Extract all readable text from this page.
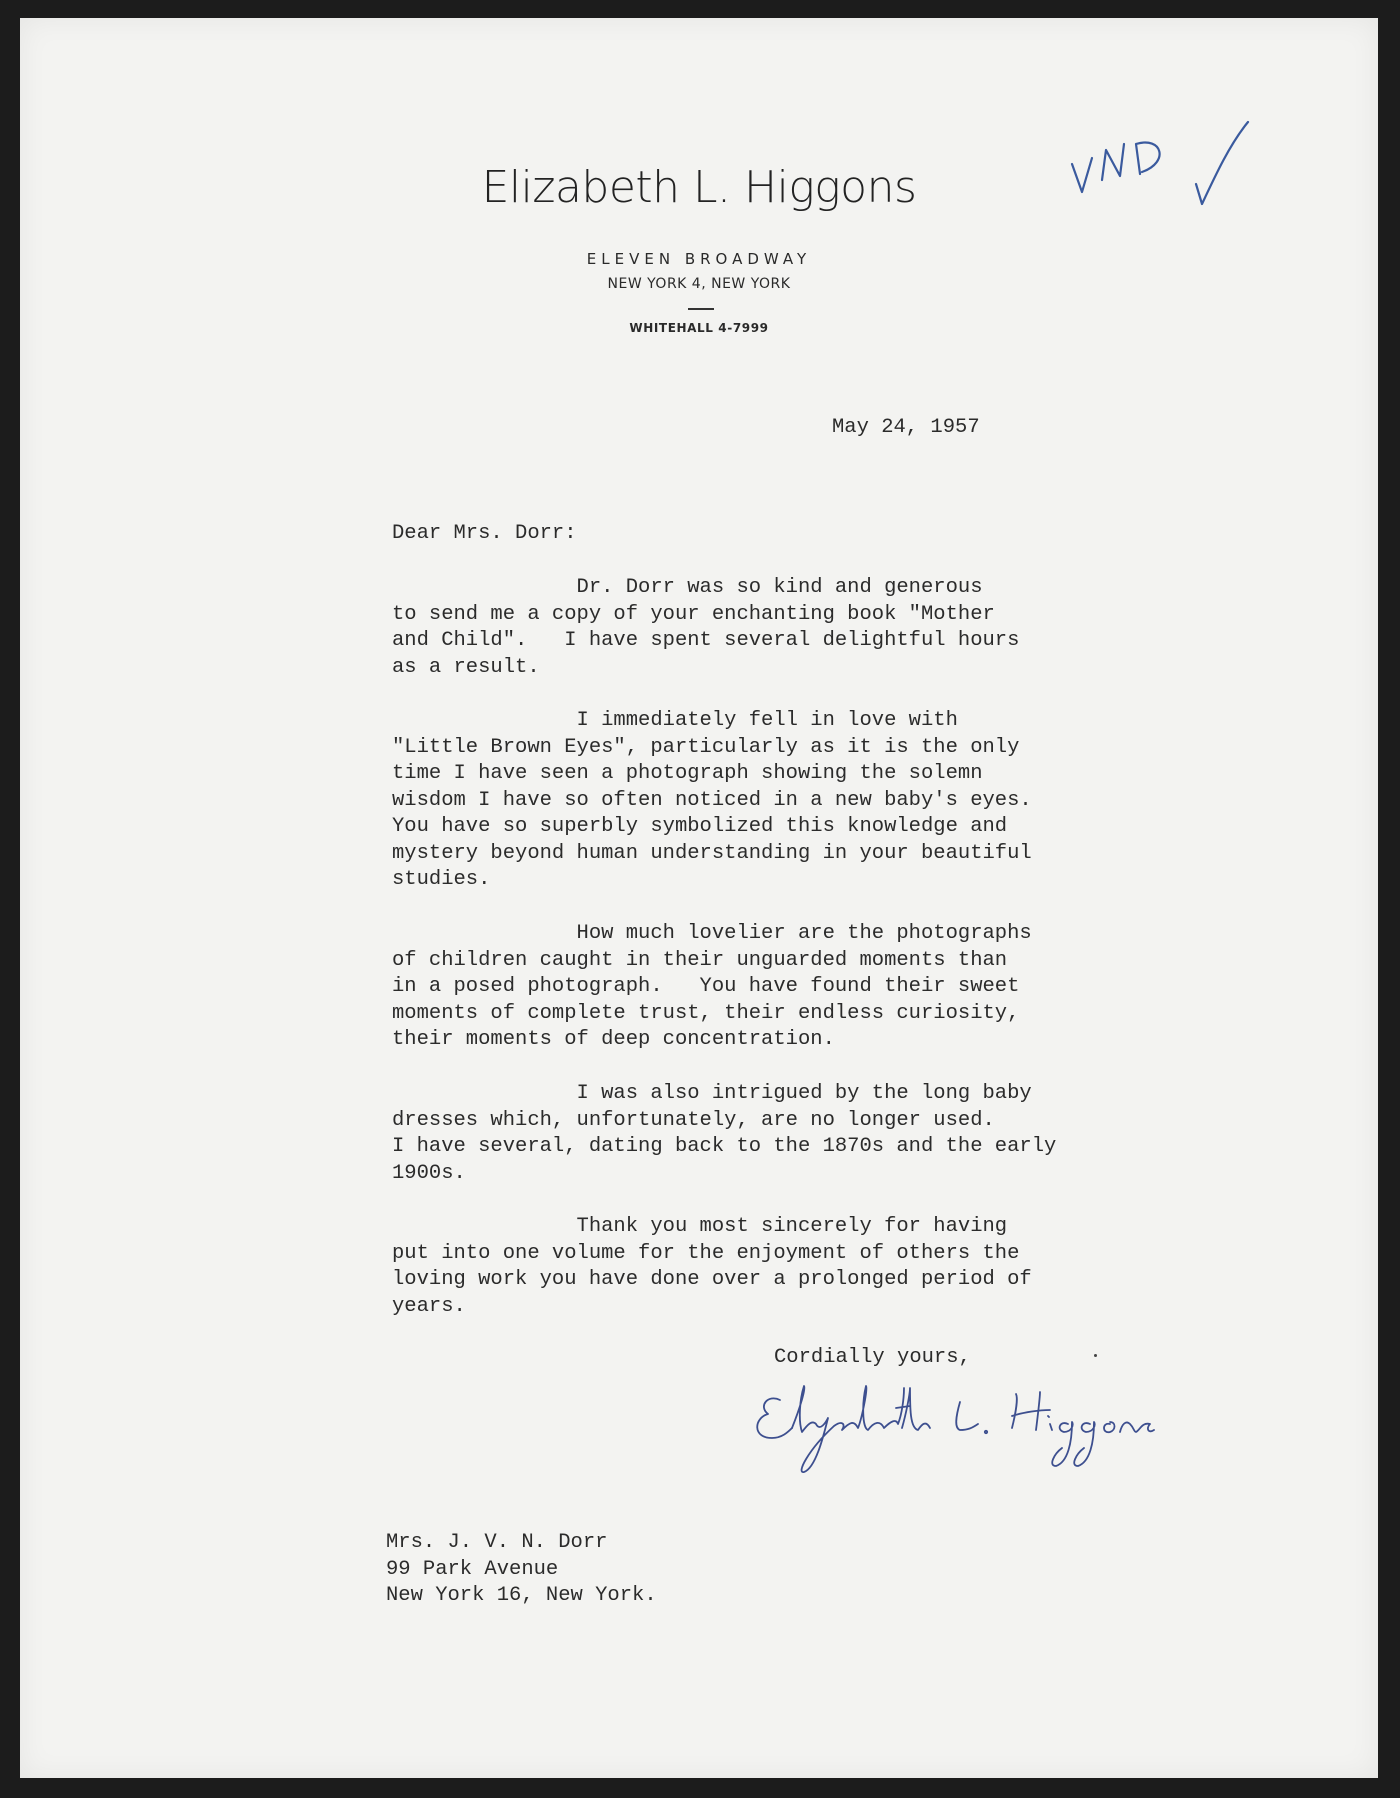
Elizabeth L. Higgons
ELEVEN BROADWAY
NEW YORK 4, NEW YORK
WHITEHALL 4-7999
May 24, 1957
Dear Mrs. Dorr:
Dr. Dorr was so kind and generous
to send me a copy of your enchanting book "Mother
and Child".   I have spent several delightful hours
as a result.
I immediately fell in love with
"Little Brown Eyes", particularly as it is the only
time I have seen a photograph showing the solemn
wisdom I have so often noticed in a new baby's eyes.
You have so superbly symbolized this knowledge and
mystery beyond human understanding in your beautiful
studies.
How much lovelier are the photographs
of children caught in their unguarded moments than
in a posed photograph.   You have found their sweet
moments of complete trust, their endless curiosity,
their moments of deep concentration.
I was also intrigued by the long baby
dresses which, unfortunately, are no longer used.
I have several, dating back to the 1870s and the early
1900s.
Thank you most sincerely for having
put into one volume for the enjoyment of others the
loving work you have done over a prolonged period of
years.
Cordially yours,
Mrs. J. V. N. Dorr
99 Park Avenue
New York 16, New York.
